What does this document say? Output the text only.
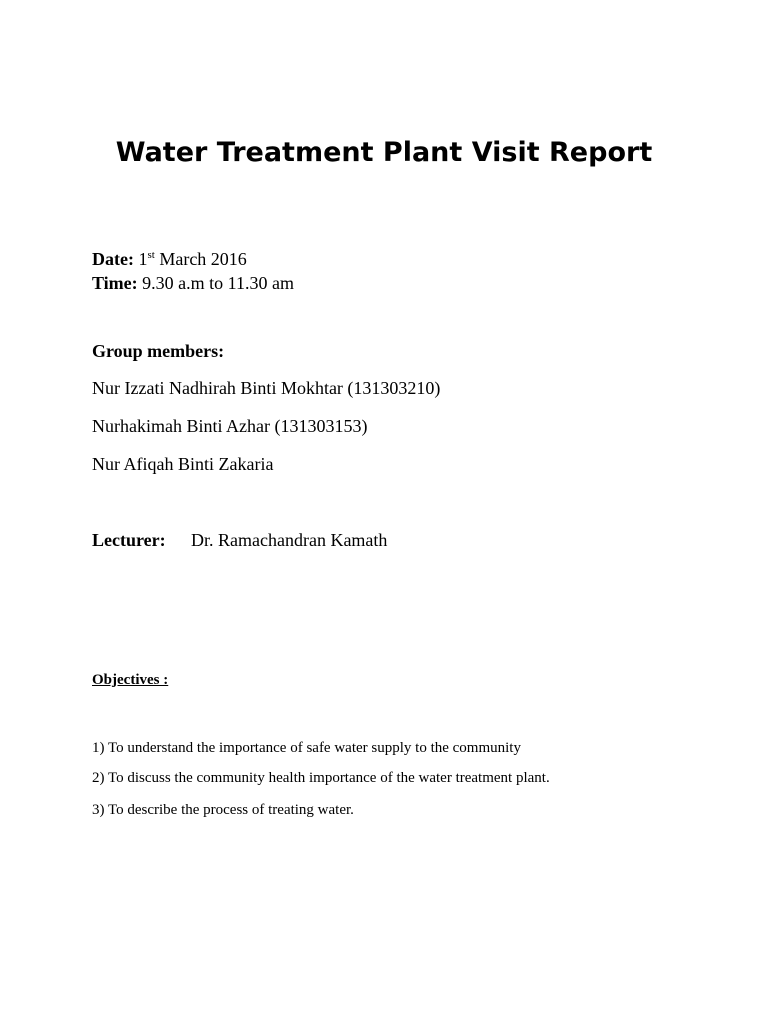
Water Treatment Plant Visit Report
Date: 1st March 2016
Time: 9.30 a.m to 11.30 am
Group members:
Nur Izzati Nadhirah Binti Mokhtar (131303210)
Nurhakimah Binti Azhar (131303153)
Nur Afiqah Binti Zakaria
Lecturer: Dr. Ramachandran Kamath
Objectives :
1) To understand the importance of safe water supply to the community
2) To discuss the community health importance of the water treatment plant.
3) To describe the process of treating water.
